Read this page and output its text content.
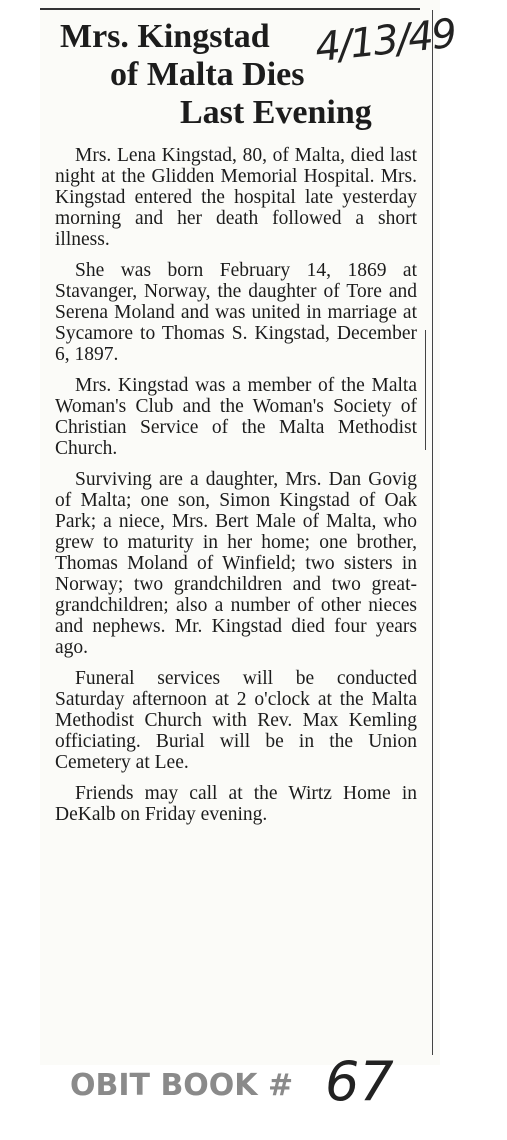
Mrs. Kingstad
of Malta Dies
Last Evening
4/13/49

Mrs. Lena Kingstad, 80, of Malta, died last night at the Glidden Memorial Hospital. Mrs. Kingstad entered the hospital late yesterday morning and her death followed a short illness.

She was born February 14, 1869 at Stavanger, Norway, the daughter of Tore and Serena Moland and was united in marriage at Sycamore to Thomas S. Kingstad, December 6, 1897.

Mrs. Kingstad was a member of the Malta Woman's Club and the Woman's Society of Christian Service of the Malta Methodist Church.

Surviving are a daughter, Mrs. Dan Govig of Malta; one son, Simon Kingstad of Oak Park; a niece, Mrs. Bert Male of Malta, who grew to maturity in her home; one brother, Thomas Moland of Winfield; two sisters in Norway; two grandchildren and two great-grandchildren; also a number of other nieces and nephews. Mr. Kingstad died four years ago.

Funeral services will be conducted Saturday afternoon at 2 o'clock at the Malta Methodist Church with Rev. Max Kemling officiating. Burial will be in the Union Cemetery at Lee.

Friends may call at the Wirtz Home in DeKalb on Friday evening.

OBIT BOOK # 67
